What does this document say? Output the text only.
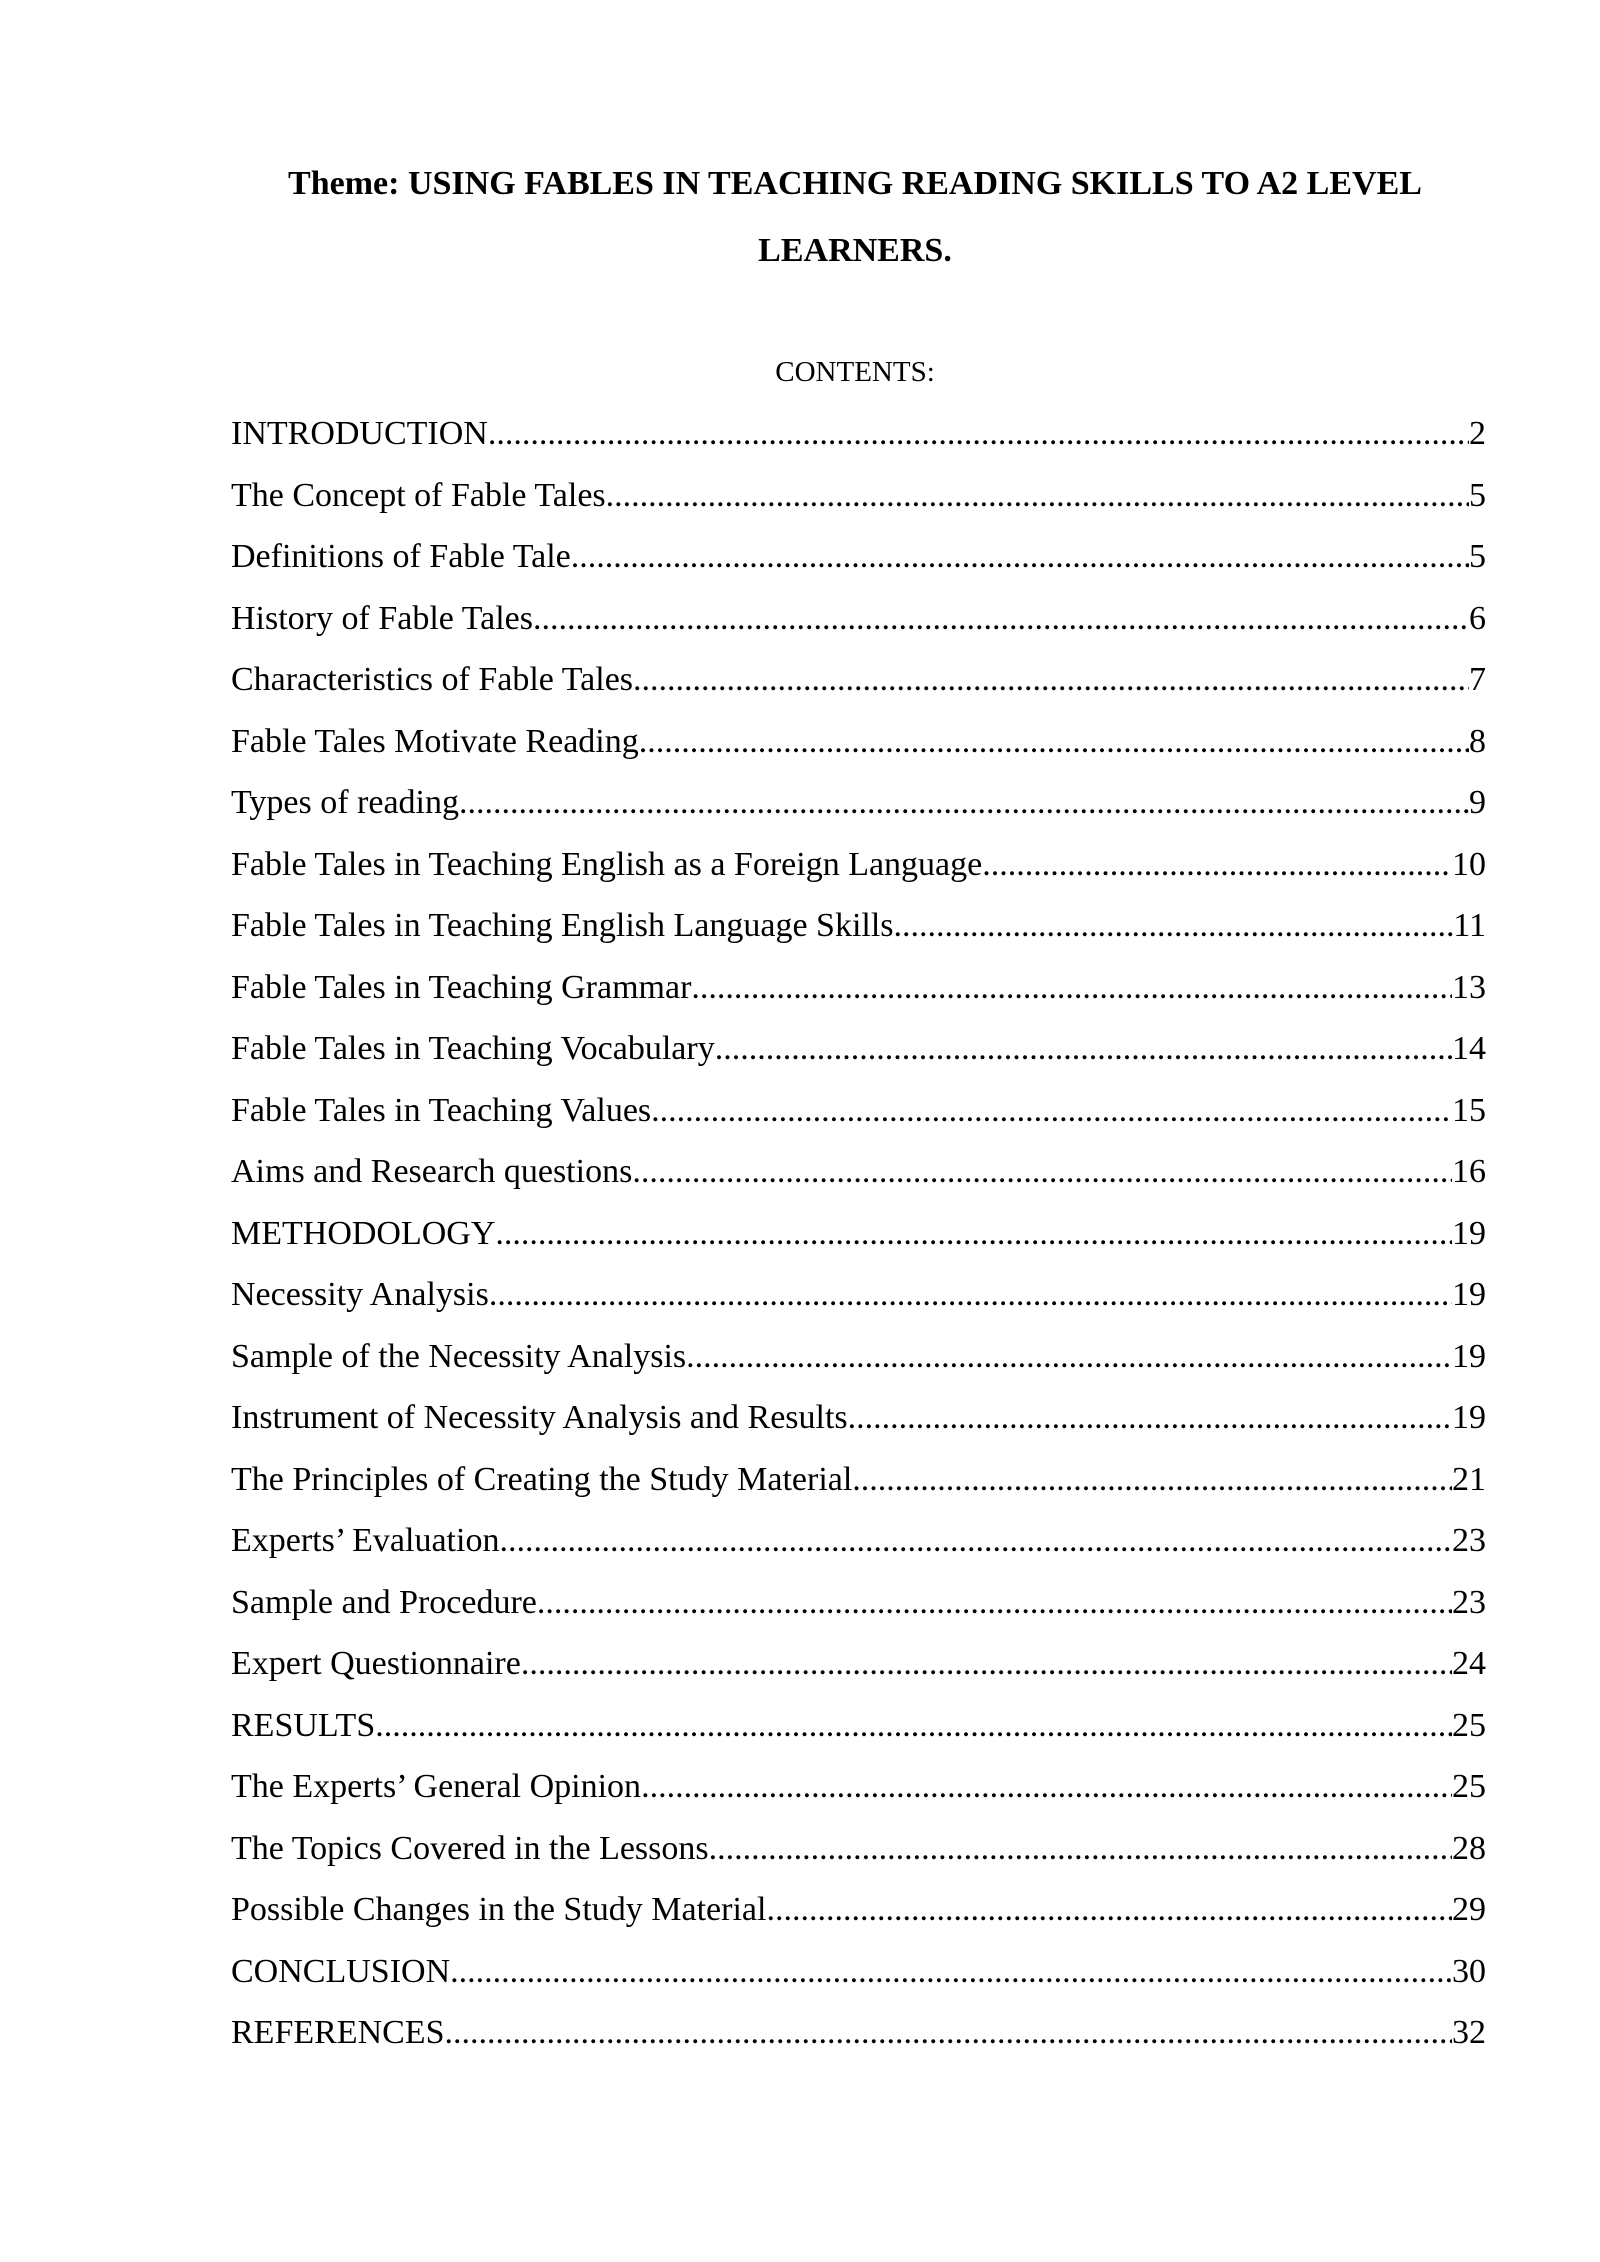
Theme: USING FABLES IN TEACHING READING SKILLS TO A2 LEVEL LEARNERS.
CONTENTS:
INTRODUCTION .....	2
The Concept of Fable Tales .....	5
Definitions of Fable Tale .....	5
History of Fable Tales .....	6
Characteristics of Fable Tales .....	7
Fable Tales Motivate Reading .....	8
Types of reading .....	9
Fable Tales in Teaching English as a Foreign Language .....	10
Fable Tales in Teaching English Language Skills .....	11
Fable Tales in Teaching Grammar .....	13
Fable Tales in Teaching Vocabulary .....	14
Fable Tales in Teaching Values .....	15
Aims and Research questions .....	16
METHODOLOGY .....	19
Necessity Analysis .....	19
Sample of the Necessity Analysis .....	19
Instrument of Necessity Analysis and Results .....	19
The Principles of Creating the Study Material .....	21
Experts’ Evaluation .....	23
Sample and Procedure .....	23
Expert Questionnaire .....	24
RESULTS .....	25
The Experts’ General Opinion .....	25
The Topics Covered in the Lessons .....	28
Possible Changes in the Study Material .....	29
CONCLUSION .....	30
REFERENCES .....	32
